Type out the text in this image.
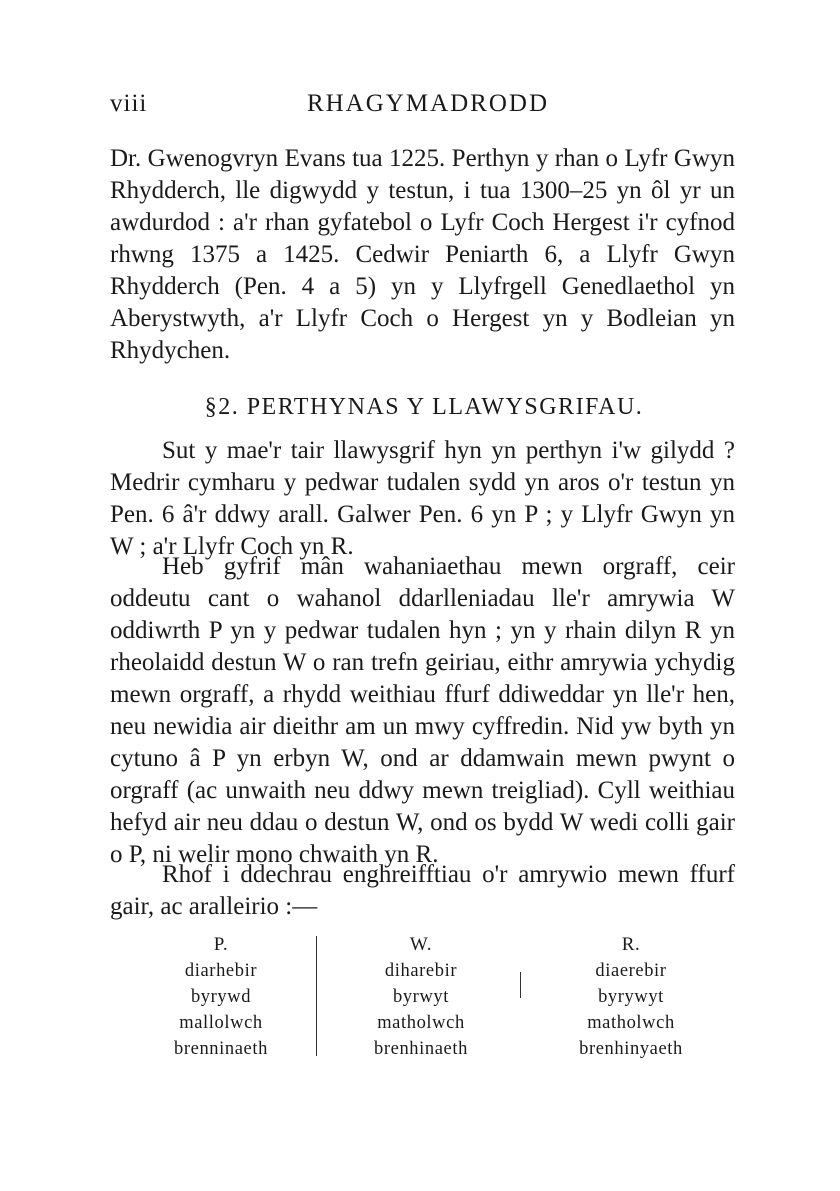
viii	RHAGYMADRODD

Dr. Gwenogvryn Evans tua 1225. Perthyn y rhan o Lyfr Gwyn Rhydderch, lle digwydd y testun, i tua 1300–25 yn ôl yr un awdurdod : a'r rhan gyfatebol o Lyfr Coch Hergest i'r cyfnod rhwng 1375 a 1425. Cedwir Peniarth 6, a Llyfr Gwyn Rhydderch (Pen. 4 a 5) yn y Llyfrgell Genedlaethol yn Aberystwyth, a'r Llyfr Coch o Hergest yn y Bodleian yn Rhydychen.

§2. PERTHYNAS Y LLAWYSGRIFAU.

Sut y mae'r tair llawysgrif hyn yn perthyn i'w gilydd ? Medrir cymharu y pedwar tudalen sydd yn aros o'r testun yn Pen. 6 â'r ddwy arall. Galwer Pen. 6 yn P ; y Llyfr Gwyn yn W ; a'r Llyfr Coch yn R.

Heb gyfrif mân wahaniaethau mewn orgraff, ceir oddeutu cant o wahanol ddarlleniadau lle'r amrywia W oddiwrth P yn y pedwar tudalen hyn ; yn y rhain dilyn R yn rheolaidd destun W o ran trefn geiriau, eithr amrywia ychydig mewn orgraff, a rhydd weithiau ffurf ddiweddar yn lle'r hen, neu newidia air dieithr am un mwy cyffredin. Nid yw byth yn cytuno â P yn erbyn W, ond ar ddamwain mewn pwynt o orgraff (ac unwaith neu ddwy mewn treigliad). Cyll weithiau hefyd air neu ddau o destun W, ond os bydd W wedi colli gair o P, ni welir mono chwaith yn R.

Rhof i ddechrau enghreifftiau o'r amrywio mewn ffurf gair, ac aralleirio :—

P.
diarhebir
byrywd
mallolwch
brenninaeth
W.
diharebir
byrwyt
matholwch
brenhinaeth
R.
diaerebir
byrywyt
matholwch
brenhinyaeth
